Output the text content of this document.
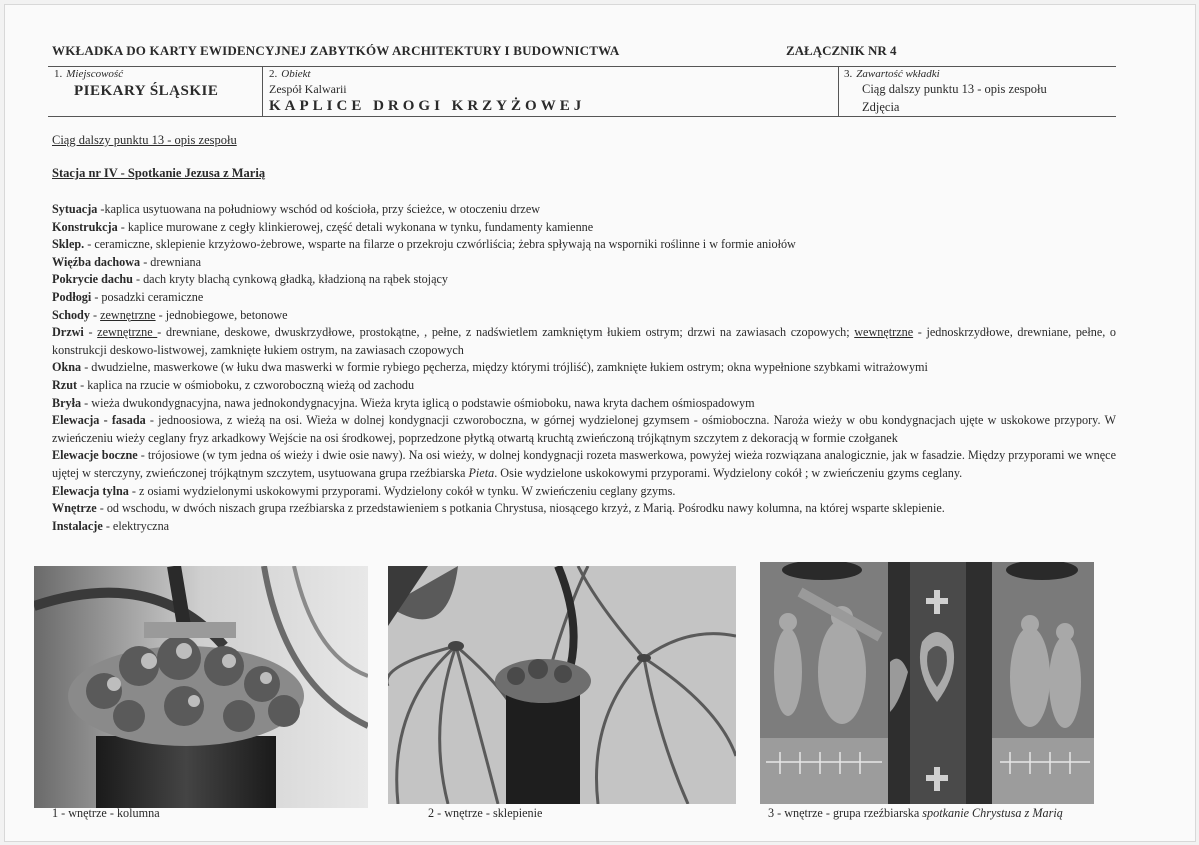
WKŁADKA DO KARTY EWIDENCYJNEJ ZABYTKÓW ARCHITEKTURY I BUDOWNICTWA	ZAŁĄCZNIK NR 4
1. Miejscowość
PIEKARY ŚLĄSKIE
2. Obiekt
Zespół Kalwarii
KAPLICE DROGI KRZYŻOWEJ
3. Zawartość wkładki
Ciąg dalszy punktu 13 - opis zespołu
Zdjęcia
Ciąg dalszy punktu 13 - opis zespołu
Stacja nr IV - Spotkanie Jezusa z Marią

Sytuacja -kaplica usytuowana na południowy wschód od kościoła, przy ścieżce, w otoczeniu drzew

Konstrukcja - kaplice murowane z cegły klinkierowej, część detali wykonana w tynku, fundamenty kamienne

Sklep. - ceramiczne, sklepienie krzyżowo-żebrowe, wsparte na filarze o przekroju czwórliścia; żebra spływają na wsporniki roślinne i w formie aniołów

Więźba dachowa - drewniana

Pokrycie dachu - dach kryty blachą cynkową gładką, kładzioną na rąbek stojący

Podłogi - posadzki ceramiczne

Schody - zewnętrzne - jednobiegowe, betonowe

Drzwi - zewnętrzne - drewniane, deskowe, dwuskrzydłowe, prostokątne, , pełne, z nadświetlem zamkniętym łukiem ostrym; drzwi na zawiasach czopowych; wewnętrzne - jednoskrzydłowe, drewniane, pełne, o konstrukcji deskowo-listwowej, zamknięte łukiem ostrym, na zawiasach czopowych

Okna - dwudzielne, maswerkowe (w łuku dwa maswerki w formie rybiego pęcherza, między którymi trójliść), zamknięte łukiem ostrym; okna wypełnione szybkami witrażowymi

Rzut - kaplica na rzucie w ośmioboku, z czworoboczną wieżą od zachodu

Bryła - wieża dwukondygnacyjna, nawa jednokondygnacyjna. Wieża kryta iglicą o podstawie ośmioboku, nawa kryta dachem ośmiospadowym

Elewacja - fasada - jednoosiowa, z wieżą na osi. Wieża w dolnej kondygnacji czworoboczna, w górnej wydzielonej gzymsem - ośmioboczna. Naroża wieży w obu kondygnacjach ujęte w uskokowe przypory. W zwieńczeniu wieży ceglany fryz arkadkowy Wejście na osi środkowej, poprzedzone płytką otwartą kruchtą zwieńczoną trójkątnym szczytem z dekoracją w formie czołganek

Elewacje boczne - trójosiowe (w tym jedna oś wieży i dwie osie nawy). Na osi wieży, w dolnej kondygnacji rozeta maswerkowa, powyżej wieża rozwiązana analogicznie, jak w fasadzie. Między przyporami we wnęce ujętej w sterczyny, zwieńczonej trójkątnym szczytem, usytuowana grupa rzeźbiarska Pieta. Osie wydzielone uskokowymi przyporami. Wydzielony cokół ; w zwieńczeniu gzyms ceglany.

Elewacja tylna - z osiami wydzielonymi uskokowymi przyporami. Wydzielony cokół w tynku. W zwieńczeniu ceglany gzyms.

Wnętrze - od wschodu, w dwóch niszach grupa rzeźbiarska z przedstawieniem s potkania Chrystusa, niosącego krzyż, z Marią. Pośrodku nawy kolumna, na której wsparte sklepienie.

Instalacje - elektryczna

1 - wnętrze - kolumna	2 - wnętrze - sklepienie	3 - wnętrze - grupa rzeźbiarska spotkanie Chrystusa z Marią
